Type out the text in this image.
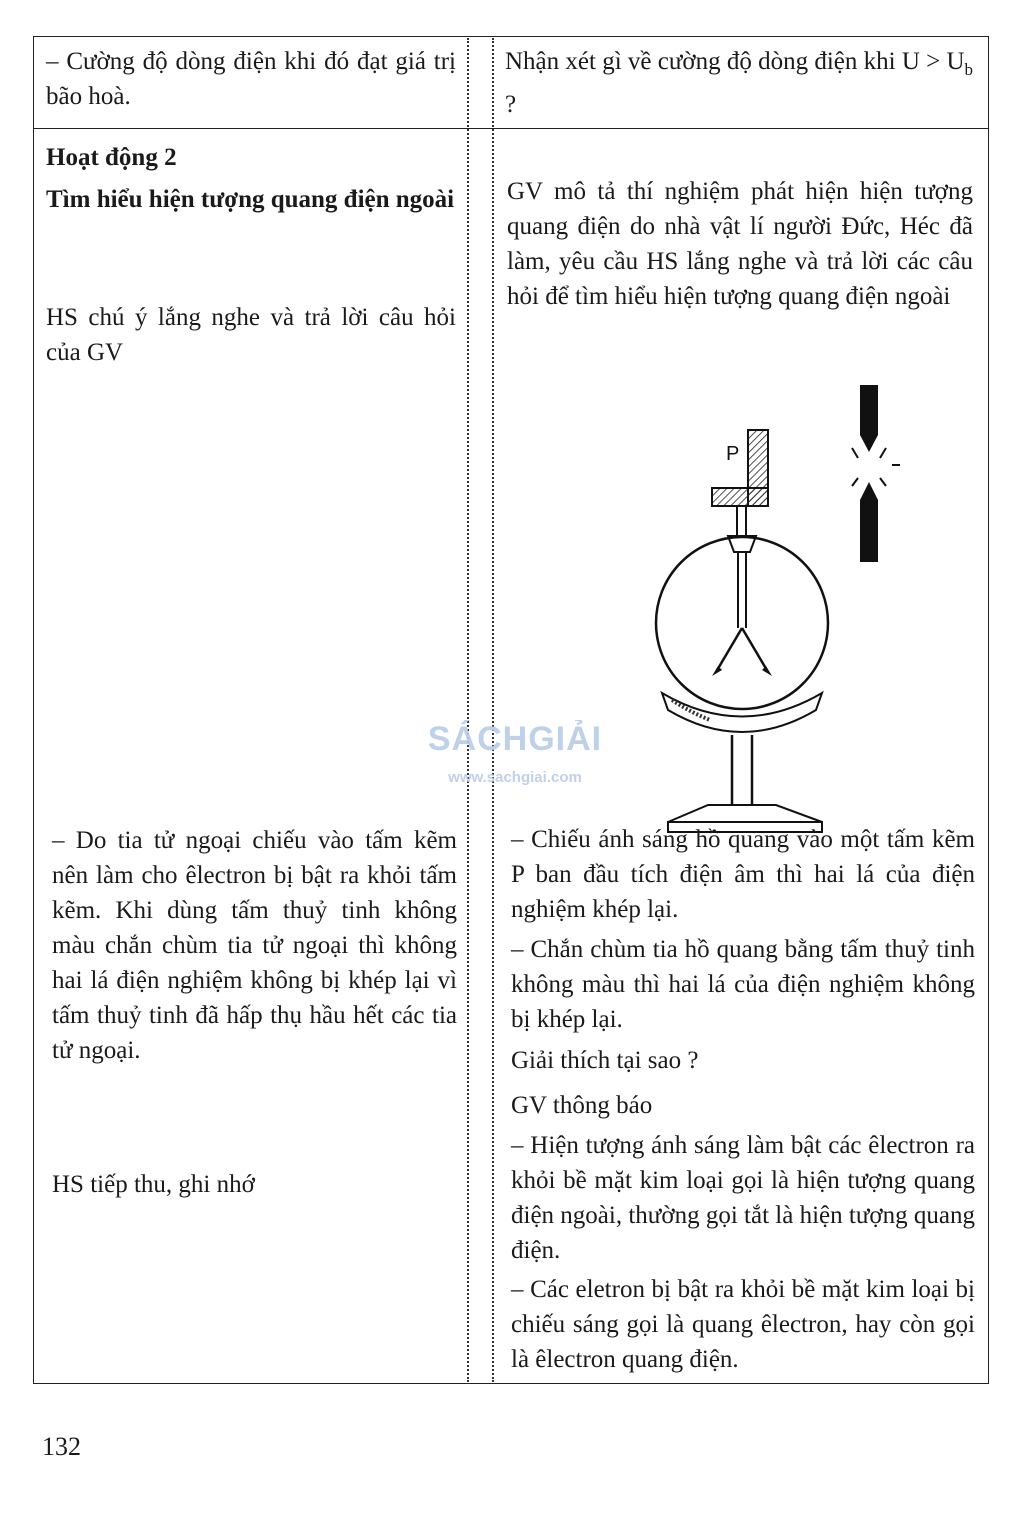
– Cường độ dòng điện khi đó đạt giá trị bão hoà.

Nhận xét gì về cường độ dòng điện khi $U > U_b$ ?

Hoạt động 2
Tìm hiểu hiện tượng quang điện ngoài
HS chú ý lắng nghe và trả lời câu hỏi của GV
– Do tia tử ngoại chiếu vào tấm kẽm nên làm cho êlectron bị bật ra khỏi tấm kẽm. Khi dùng tấm thuỷ tinh không màu chắn chùm tia tử ngoại thì không hai lá điện nghiệm không bị khép lại vì tấm thuỷ tinh đã hấp thụ hầu hết các tia tử ngoại.
HS tiếp thu, ghi nhớ
GV mô tả thí nghiệm phát hiện hiện tượng quang điện do nhà vật lí người Đức, Héc đã làm, yêu cầu HS lắng nghe và trả lời các câu hỏi để tìm hiểu hiện tượng quang điện ngoài
P
– Chiếu ánh sáng hồ quang vào một tấm kẽm P ban đầu tích điện âm thì hai lá của điện nghiệm khép lại.
– Chắn chùm tia hồ quang bằng tấm thuỷ tinh không màu thì hai lá của điện nghiệm không bị khép lại.
Giải thích tại sao ?
GV thông báo
– Hiện tượng ánh sáng làm bật các êlectron ra khỏi bề mặt kim loại gọi là hiện tượng quang điện ngoài, thường gọi tắt là hiện tượng quang điện.
– Các eletron bị bật ra khỏi bề mặt kim loại bị chiếu sáng gọi là quang êlectron, hay còn gọi là êlectron quang điện.
SÁCHGIẢI
www.sachgiai.com
132
